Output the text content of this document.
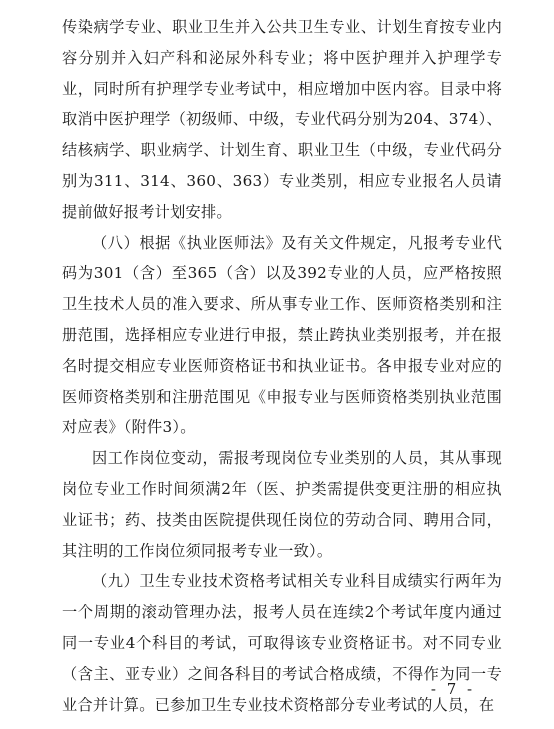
传染病学专业、职业卫生并入公共卫生专业、计划生育按专业内容分别并入妇产科和泌尿外科专业；将中医护理并入护理学专业，同时所有护理学专业考试中，相应增加中医内容。目录中将取消中医护理学（初级师、中级，专业代码分别为204、374）、结核病学、职业病学、计划生育、职业卫生（中级，专业代码分别为311、314、360、363）专业类别，相应专业报名人员请提前做好报考计划安排。

（八）根据《执业医师法》及有关文件规定，凡报考专业代码为301（含）至365（含）以及392专业的人员，应严格按照卫生技术人员的准入要求、所从事专业工作、医师资格类别和注册范围，选择相应专业进行申报，禁止跨执业类别报考，并在报名时提交相应专业医师资格证书和执业证书。各申报专业对应的医师资格类别和注册范围见《申报专业与医师资格类别执业范围对应表》（附件3）。

因工作岗位变动，需报考现岗位专业类别的人员，其从事现岗位专业工作时间须满2年（医、护类需提供变更注册的相应执业证书；药、技类由医院提供现任岗位的劳动合同、聘用合同，其注明的工作岗位须同报考专业一致）。

（九）卫生专业技术资格考试相关专业科目成绩实行两年为一个周期的滚动管理办法，报考人员在连续2个考试年度内通过同一专业4个科目的考试，可取得该专业资格证书。对不同专业（含主、亚专业）之间各科目的考试合格成绩，不得作为同一专业合并计算。已参加卫生专业技术资格部分专业考试的人员，在

- 7 -
